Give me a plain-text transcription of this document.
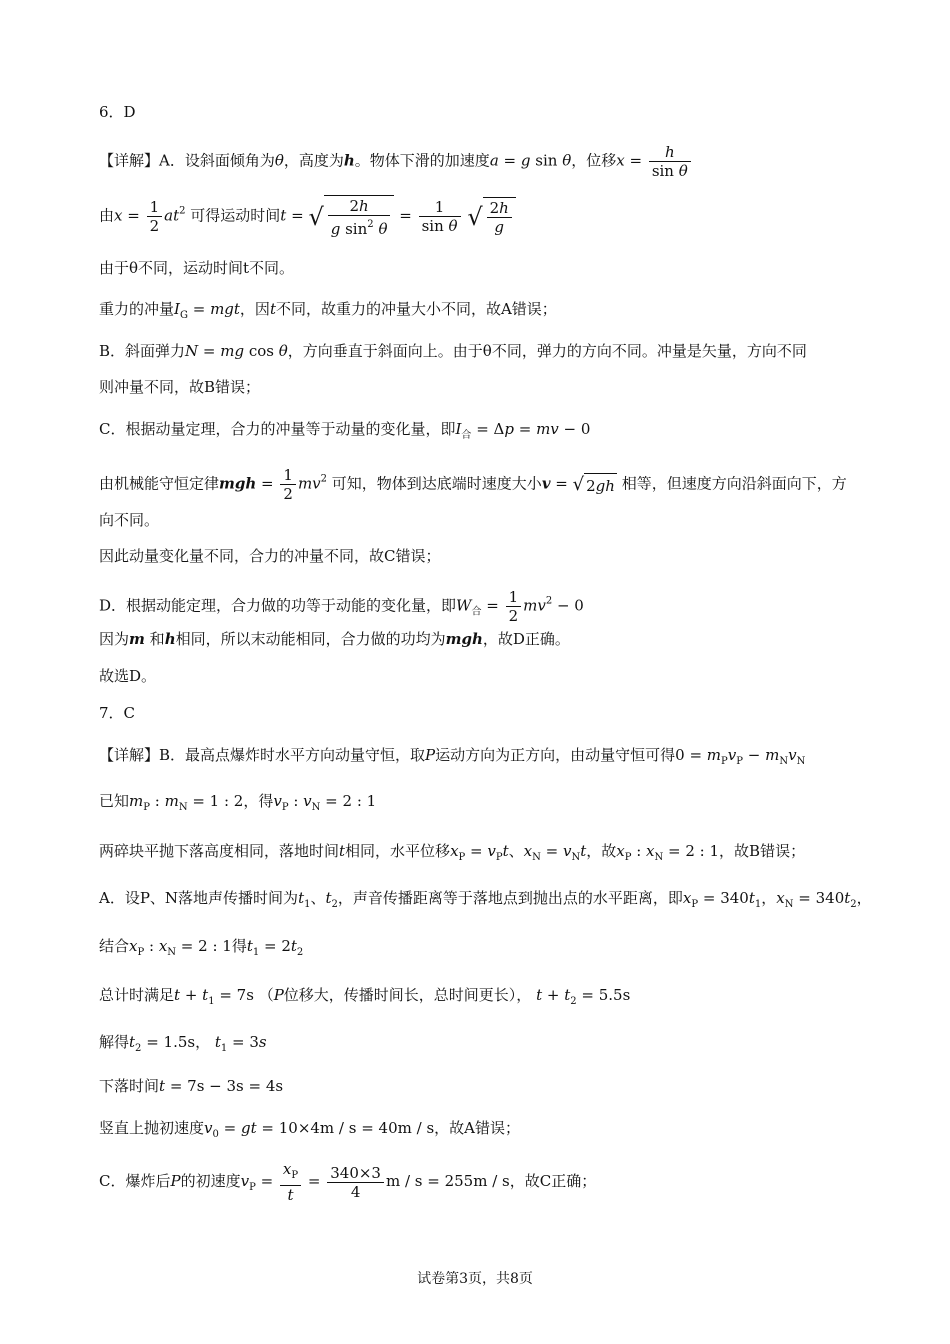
6．D
【详解】A．设斜面倾角为θ，高度为h。物体下滑的加速度a = g sin θ，位移$x = \frac{h}{\text{sin θ}}$
由$x = \frac{1}{2} at^2$ 可得运动时间t = √ $\frac{2h}{g \sin^2 \theta} = \frac{1}{\text{sin θ}}$ √ $\frac{2h}{g}$
由于θ不同，运动时间t不同。
重力的冲量$I_G$ = mgt，因t不同，故重力的冲量大小不同，故A错误；
B．斜面弹力N = mg cos θ，方向垂直于斜面向上。由于θ不同，弹力的方向不同。冲量是矢量，方向不同
则冲量不同，故B错误；
C．根据动量定理，合力的冲量等于动量的变化量，即$I_合 = \Delta p$ = mv − 0
由机械能守恒定律mgh = $\frac{1}{2} mv^2$ 可知，物体到达底端时速度大小v = √ 2gh 相等，但速度方向沿斜面向下，方
向不同。
因此动量变化量不同，合力的冲量不同，故C错误；
D．根据动能定理，合力做的功等于动能的变化量，即$W_合 = \frac{1}{2} mv^2 - 0$
因为m 和h相同，所以末动能相同，合力做的功均为mgh，故D正确。
故选D。
7．C
【详解】B．最高点爆炸时水平方向动量守恒，取P运动方向为正方向，由动量守恒可得$0 = m_Pv_P - m_Nv_N$
已知$m_P$ : $m_N = 1$ : 2，得$v_P$ : $v_N = 2$ : 1
两碎块平抛下落高度相同，落地时间t相同，水平位移$x_P = v_Pt$、$x_N = v_Nt$，故$x_P$ : $x_N = 2$ : 1，故B错误；
A．设P、N落地声传播时间为$t_1$、$t_2$，声音传播距离等于落地点到抛出点的水平距离，即$x_P = 340t_1$，$x_N = 340t_2$，
结合$x_P$ : $x_N = 2$ : 1得$t_1 = 2t_2$
总计时满足$t + t_1 = 7s$ （P位移大，传播时间长，总时间更长）， $t + t_2 = 5.5s$
解得$t_2 = 1.5s$， $t_1 = 3s$
下落时间t = 7s − 3s = 4s
竖直上抛初速度$v_0$ = gt = 10×4m / s = 40m / s，故A错误；
C．爆炸后P的初速度$v_P = \frac{x_P}{t} = \frac{340\times 3}{4}$ m / s = 255m / s，故C正确；
试卷第3页，共8页
